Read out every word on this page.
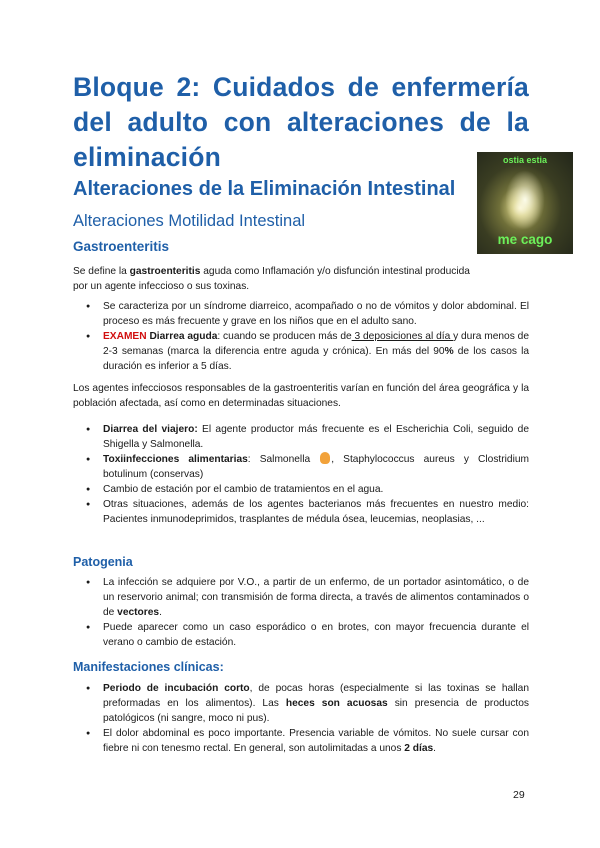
Bloque 2: Cuidados de enfermería del adulto con alteraciones de la eliminación	ostia estia
me cago
Alteraciones de la Eliminación Intestinal
Alteraciones Motilidad Intestinal
Gastroenteritis

Se define la gastroenteritis aguda como Inflamación y/o disfunción intestinal producida por un agente infeccioso o sus toxinas.

● Se caracteriza por un síndrome diarreico, acompañado o no de vómitos y dolor abdominal. El proceso es más frecuente y grave en los niños que en el adulto sano.
● EXAMEN Diarrea aguda: cuando se producen más de 3 deposiciones al día y dura menos de 2-3 semanas (marca la diferencia entre aguda y crónica). En más del 90% de los casos la duración es inferior a 5 días.

Los agentes infecciosos responsables de la gastroenteritis varían en función del área geográfica y la población afectada, así como en determinadas situaciones.

● Diarrea del viajero: El agente productor más frecuente es el Escherichia Coli, seguido de Shigella y Salmonella.
● Toxiinfecciones alimentarias: Salmonella , Staphylococcus aureus y Clostridium botulinum (conservas)
● Cambio de estación por el cambio de tratamientos en el agua.
● Otras situaciones, además de los agentes bacterianos más frecuentes en nuestro medio: Pacientes inmunodeprimidos, trasplantes de médula ósea, leucemias, neoplasias, ...
Patogenia
● La infección se adquiere por V.O., a partir de un enfermo, de un portador asintomático, o de un reservorio animal; con transmisión de forma directa, a través de alimentos contaminados o de vectores.
● Puede aparecer como un caso esporádico o en brotes, con mayor frecuencia durante el verano o cambio de estación.
Manifestaciones clínicas:
● Periodo de incubación corto, de pocas horas (especialmente si las toxinas se hallan preformadas en los alimentos). Las heces son acuosas sin presencia de productos patológicos (ni sangre, moco ni pus).
● El dolor abdominal es poco importante. Presencia variable de vómitos. No suele cursar con fiebre ni con tenesmo rectal. En general, son autolimitadas a unos 2 días.
29
